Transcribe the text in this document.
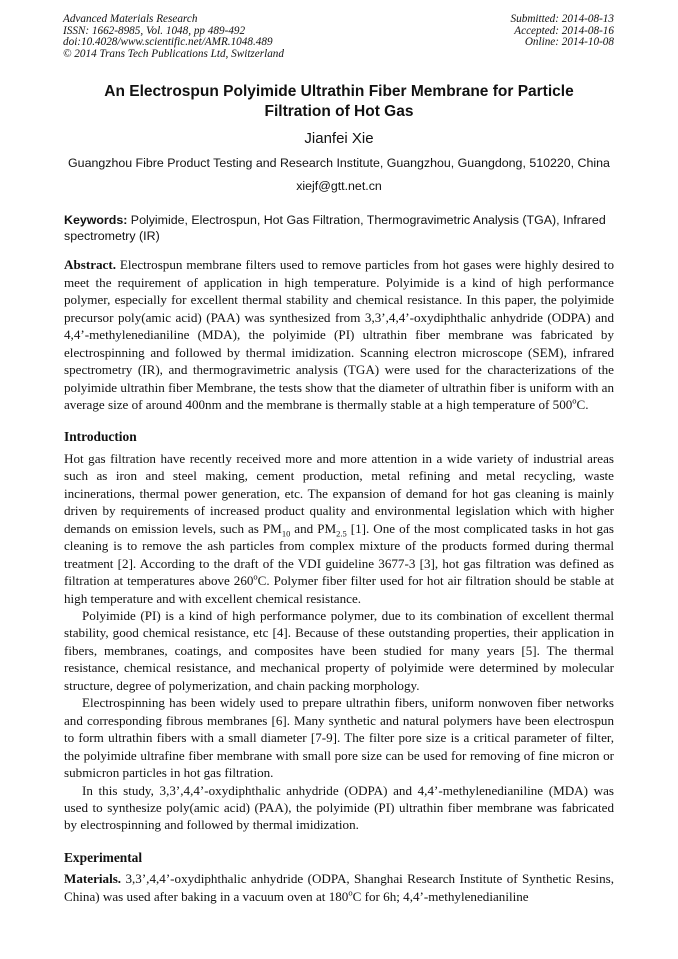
Advanced Materials Research
ISSN: 1662-8985, Vol. 1048, pp 489-492
doi:10.4028/www.scientific.net/AMR.1048.489
© 2014 Trans Tech Publications Ltd, Switzerland
Submitted: 2014-08-13
Accepted: 2014-08-16
Online: 2014-10-08
An Electrospun Polyimide Ultrathin Fiber Membrane for Particle
Filtration of Hot Gas
Jianfei Xie
Guangzhou Fibre Product Testing and Research Institute, Guangzhou, Guangdong, 510220, China
xiejf@gtt.net.cn
Keywords: Polyimide, Electrospun, Hot Gas Filtration, Thermogravimetric Analysis (TGA), Infrared spectrometry (IR)

Abstract. Electrospun membrane filters used to remove particles from hot gases were highly desired to meet the requirement of application in high temperature. Polyimide is a kind of high performance polymer, especially for excellent thermal stability and chemical resistance. In this paper, the polyimide precursor poly(amic acid) (PAA) was synthesized from 3,3’,4,4’-oxydiphthalic anhydride (ODPA) and 4,4’-methylenedianiline (MDA), the polyimide (PI) ultrathin fiber membrane was fabricated by electrospinning and followed by thermal imidization. Scanning electron microscope (SEM), infrared spectrometry (IR), and thermogravimetric analysis (TGA) were used for the characterizations of the polyimide ultrathin fiber Membrane, the tests show that the diameter of ultrathin fiber is uniform with an average size of around 400nm and the membrane is thermally stable at a high temperature of 500$^o$C.

Introduction

Hot gas filtration have recently received more and more attention in a wide variety of industrial areas such as iron and steel making, cement production, metal refining and metal recycling, waste incinerations, thermal power generation, etc. The expansion of demand for hot gas cleaning is mainly driven by requirements of increased product quality and environmental legislation which with higher demands on emission levels, such as $PM_{10}$ and $PM_{2.5}$ [1]. One of the most complicated tasks in hot gas cleaning is to remove the ash particles from complex mixture of the products formed during thermal treatment [2]. According to the draft of the VDI guideline 3677-3 [3], hot gas filtration was defined as filtration at temperatures above 260$^o$C. Polymer fiber filter used for hot air filtration should be stable at high temperature and with excellent chemical resistance.

Polyimide (PI) is a kind of high performance polymer, due to its combination of excellent thermal stability, good chemical resistance, etc [4]. Because of these outstanding properties, their application in fibers, membranes, coatings, and composites have been studied for many years [5]. The thermal resistance, chemical resistance, and mechanical property of polyimide were determined by molecular structure, degree of polymerization, and chain packing morphology.

Electrospinning has been widely used to prepare ultrathin fibers, uniform nonwoven fiber networks and corresponding fibrous membranes [6]. Many synthetic and natural polymers have been electrospun to form ultrathin fibers with a small diameter [7-9]. The filter pore size is a critical parameter of filter, the polyimide ultrafine fiber membrane with small pore size can be used for removing of fine micron or submicron particles in hot gas filtration.

In this study, 3,3’,4,4’-oxydiphthalic anhydride (ODPA) and 4,4’-methylenedianiline (MDA) was used to synthesize poly(amic acid) (PAA), the polyimide (PI) ultrathin fiber membrane was fabricated by electrospinning and followed by thermal imidization.

Experimental

Materials. 3,3’,4,4’-oxydiphthalic anhydride (ODPA, Shanghai Research Institute of Synthetic Resins, China) was used after baking in a vacuum oven at 180$^o$C for 6h; 4,4’-methylenedianiline
